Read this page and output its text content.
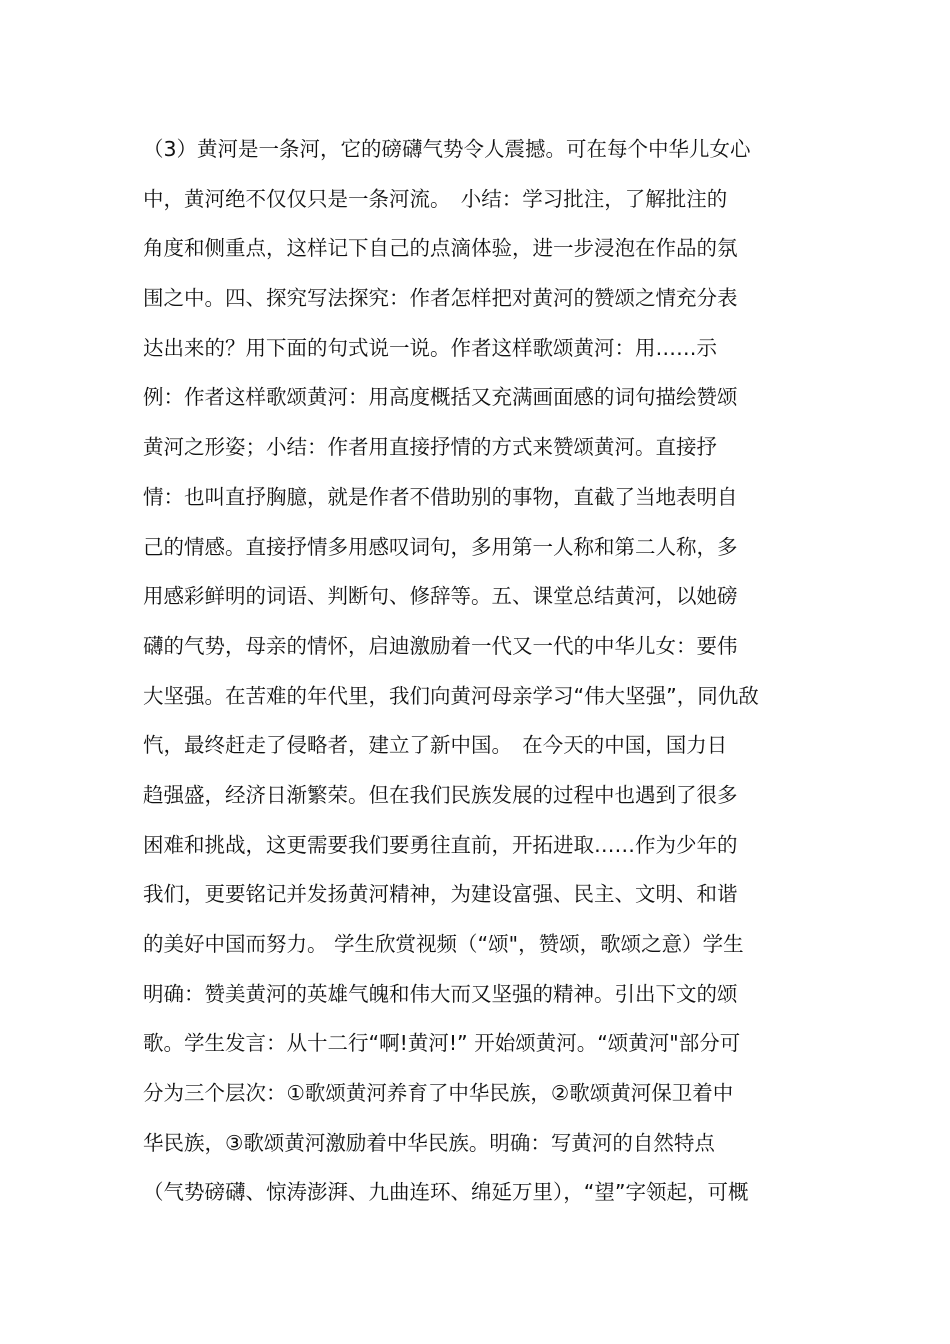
（3）黄河是一条河，它的磅礴气势令人震撼。可在每个中华儿女心
中，黄河绝不仅仅只是一条河流。　小结：学习批注，了解批注的
角度和侧重点，这样记下自己的点滴体验，进一步浸泡在作品的氛
围之中。四、探究写法探究：作者怎样把对黄河的赞颂之情充分表
达出来的？用下面的句式说一说。作者这样歌颂黄河：用……示
例：作者这样歌颂黄河：用高度概括又充满画面感的词句描绘赞颂
黄河之形姿；小结：作者用直接抒情的方式来赞颂黄河。直接抒
情：也叫直抒胸臆，就是作者不借助别的事物，直截了当地表明自
己的情感。直接抒情多用感叹词句，多用第一人称和第二人称，多
用感彩鲜明的词语、判断句、修辞等。五、课堂总结黄河，以她磅
礴的气势，母亲的情怀，启迪激励着一代又一代的中华儿女：要伟
大坚强。在苦难的年代里，我们向黄河母亲学习“伟大坚强”，同仇敌
忾，最终赶走了侵略者，建立了新中国。　在今天的中国，国力日
趋强盛，经济日渐繁荣。但在我们民族发展的过程中也遇到了很多
困难和挑战，这更需要我们要勇往直前，开拓进取……作为少年的
我们，更要铭记并发扬黄河精神，为建设富强、民主、文明、和谐
的美好中国而努力。 学生欣赏视频（“颂"，赞颂，歌颂之意）学生
明确：赞美黄河的英雄气魄和伟大而又坚强的精神。引出下文的颂
歌。学生发言：从十二行“啊!黄河!” 开始颂黄河。“颂黄河"部分可
分为三个层次：①歌颂黄河养育了中华民族，②歌颂黄河保卫着中
华民族，③歌颂黄河激励着中华民族。明确：写黄河的自然特点
（气势磅礴、惊涛澎湃、九曲连环、绵延万里），“望”字领起，可概
